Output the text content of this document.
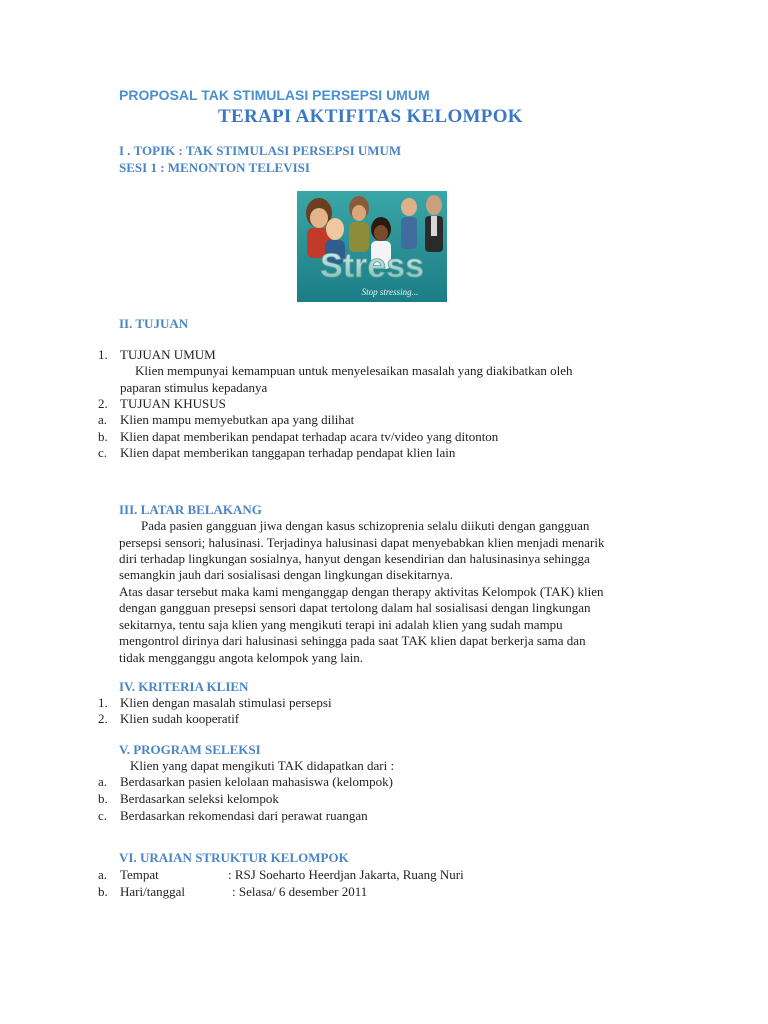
PROPOSAL TAK STIMULASI PERSEPSI UMUM
TERAPI AKTIFITAS KELOMPOK
I . TOPIK : TAK STIMULASI PERSEPSI UMUM
SESI 1 : MENONTON TELEVISI
Stress
Stop stressing...
II. TUJUAN
1. TUJUAN UMUM
Klien mempunyai kemampuan untuk menyelesaikan masalah yang diakibatkan oleh
paparan stimulus kepadanya
2. TUJUAN KHUSUS
a. Klien mampu memyebutkan apa yang dilihat
b. Klien dapat memberikan pendapat terhadap acara tv/video yang ditonton
c. Klien dapat memberikan tanggapan terhadap pendapat klien lain
III. LATAR BELAKANG
Pada pasien gangguan jiwa dengan kasus schizoprenia selalu diikuti dengan gangguan
persepsi sensori; halusinasi. Terjadinya halusinasi dapat menyebabkan klien menjadi menarik
diri terhadap lingkungan sosialnya, hanyut dengan kesendirian dan halusinasinya sehingga
semangkin jauh dari sosialisasi dengan lingkungan disekitarnya.
Atas dasar tersebut maka kami menganggap dengan therapy aktivitas Kelompok (TAK) klien
dengan gangguan presepsi sensori dapat tertolong dalam hal sosialisasi dengan lingkungan
sekitarnya, tentu saja klien yang mengikuti terapi ini adalah klien yang sudah mampu
mengontrol dirinya dari halusinasi sehingga pada saat TAK klien dapat berkerja sama dan
tidak mengganggu angota kelompok yang lain.
IV. KRITERIA KLIEN
1. Klien dengan masalah stimulasi persepsi
2. Klien sudah kooperatif
V. PROGRAM SELEKSI
Klien yang dapat mengikuti TAK didapatkan dari :
a. Berdasarkan pasien kelolaan mahasiswa (kelompok)
b. Berdasarkan seleksi kelompok
c. Berdasarkan rekomendasi dari perawat ruangan
VI. URAIAN STRUKTUR KELOMPOK
a. Tempat	: RSJ Soeharto Heerdjan Jakarta, Ruang Nuri
b. Hari/tanggal	: Selasa/ 6 desember 2011
